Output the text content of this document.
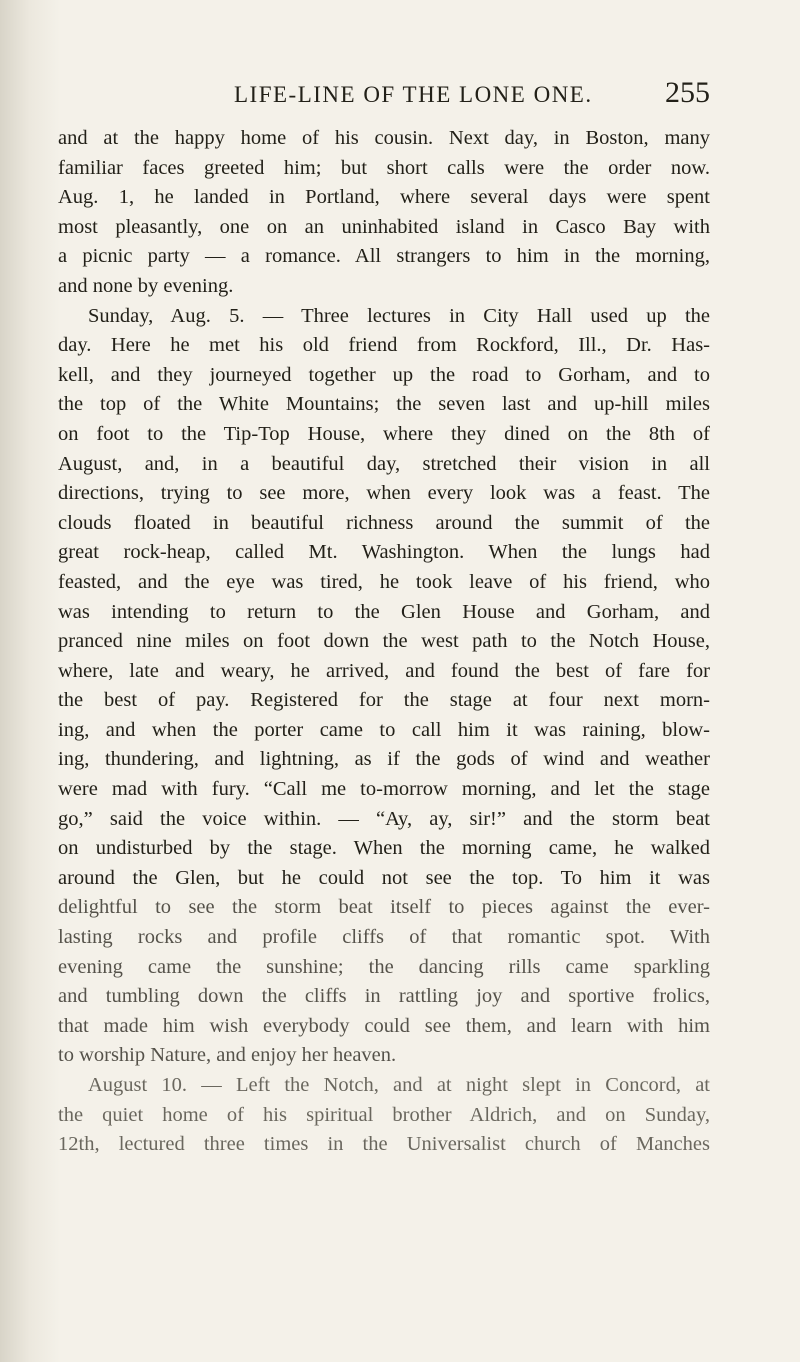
LIFE-LINE OF THE LONE ONE. 255
and at the happy home of his cousin. Next day, in Boston, many
familiar faces greeted him; but short calls were the order now.
Aug. 1, he landed in Portland, where several days were spent
most pleasantly, one on an uninhabited island in Casco Bay with
a picnic party — a romance. All strangers to him in the morning,
and none by evening.
Sunday, Aug. 5. — Three lectures in City Hall used up the
day. Here he met his old friend from Rockford, Ill., Dr. Has-
kell, and they journeyed together up the road to Gorham, and to
the top of the White Mountains; the seven last and up-hill miles
on foot to the Tip-Top House, where they dined on the 8th of
August, and, in a beautiful day, stretched their vision in all
directions, trying to see more, when every look was a feast. The
clouds floated in beautiful richness around the summit of the
great rock-heap, called Mt. Washington. When the lungs had
feasted, and the eye was tired, he took leave of his friend, who
was intending to return to the Glen House and Gorham, and
pranced nine miles on foot down the west path to the Notch House,
where, late and weary, he arrived, and found the best of fare for
the best of pay. Registered for the stage at four next morn-
ing, and when the porter came to call him it was raining, blow-
ing, thundering, and lightning, as if the gods of wind and weather
were mad with fury. “Call me to-morrow morning, and let the stage
go,” said the voice within. — “Ay, ay, sir!” and the storm beat
on undisturbed by the stage. When the morning came, he walked
around the Glen, but he could not see the top. To him it was
delightful to see the storm beat itself to pieces against the ever-
lasting rocks and profile cliffs of that romantic spot. With
evening came the sunshine; the dancing rills came sparkling
and tumbling down the cliffs in rattling joy and sportive frolics,
that made him wish everybody could see them, and learn with him
to worship Nature, and enjoy her heaven.
August 10. — Left the Notch, and at night slept in Concord, at
the quiet home of his spiritual brother Aldrich, and on Sunday,
12th, lectured three times in the Universalist church of Manches
